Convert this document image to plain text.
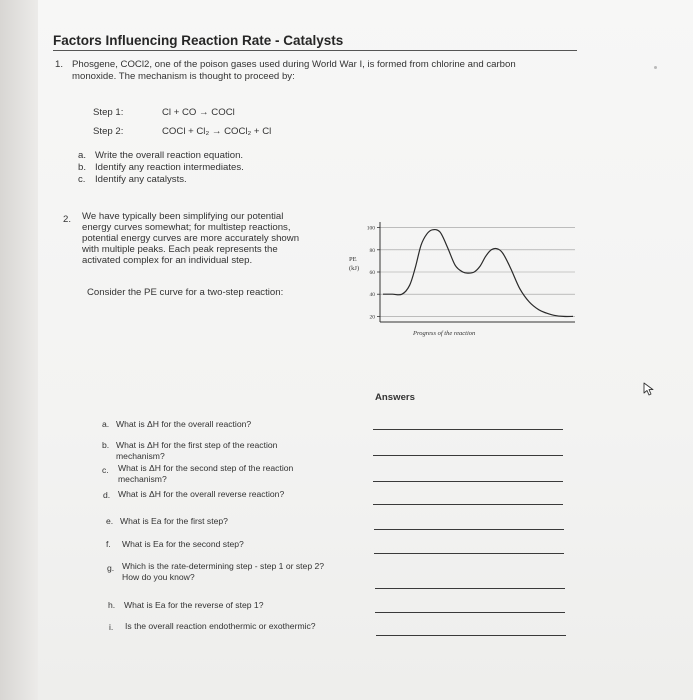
Factors Influencing Reaction Rate - Catalysts
1. Phosgene, COCl2, one of the poison gases used during World War I, is formed from chlorine and carbon
monoxide. The mechanism is thought to proceed by:
Step 1:	Cl + CO → COCl
Step 2:	COCl + Cl₂ → COCl₂ + Cl
a. Write the overall reaction equation.
b. Identify any reaction intermediates.
c. Identify any catalysts.
2. We have typically been simplifying our potential
energy curves somewhat; for multistep reactions,
potential energy curves are more accurately shown
with multiple peaks. Each peak represents the
activated complex for an individual step.
Consider the PE curve for a two-step reaction:
PE
(kJ)
100
80
60
40
20
Progress of the reaction
Answers
a. What is ΔH for the overall reaction?
b. What is ΔH for the first step of the reaction
mechanism?
c. What is ΔH for the second step of the reaction
mechanism?
d. What is ΔH for the overall reverse reaction?
e. What is Ea for the first step?
f. What is Ea for the second step?
g. Which is the rate-determining step - step 1 or step 2?
How do you know?
h. What is Ea for the reverse of step 1?
i. Is the overall reaction endothermic or exothermic?
